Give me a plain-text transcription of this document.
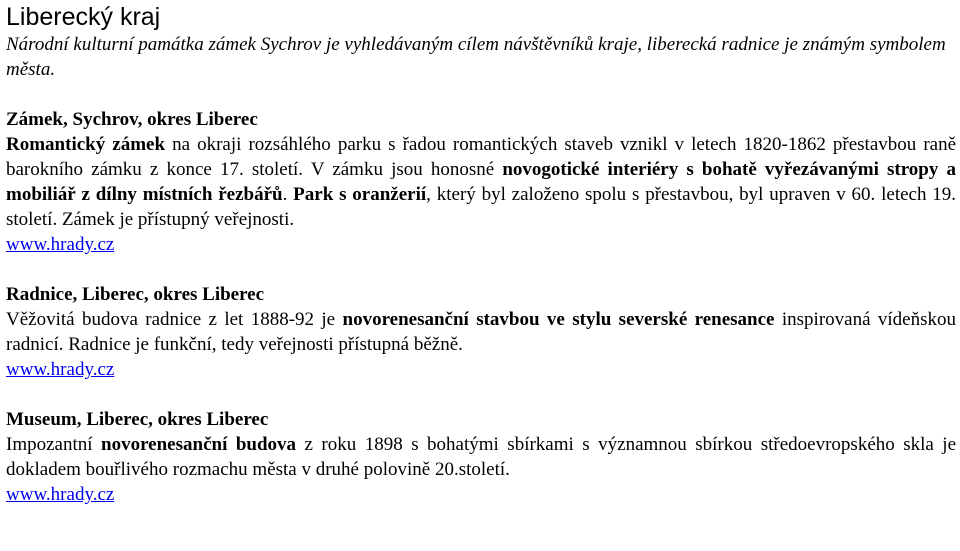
Liberecký kraj

Národní kulturní památka zámek Sychrov je vyhledávaným cílem návštěvníků kraje, liberecká radnice je známým symbolem města.

Zámek, Sychrov, okres Liberec

Romantický zámek na okraji rozsáhlého parku s řadou romantických staveb vznikl v letech 1820-1862 přestavbou raně barokního zámku z konce 17. století. V zámku jsou honosné novogotické interiéry s bohatě vyřezávanými stropy a mobiliář z dílny místních řezbářů. Park s oranžerií, který byl založeno spolu s přestavbou, byl upraven v 60. letech 19. století. Zámek je přístupný veřejnosti.

www.hrady.cz

Radnice, Liberec, okres Liberec

Věžovitá budova radnice z let 1888-92 je novorenesanční stavbou ve stylu severské renesance inspirovaná vídeňskou radnicí. Radnice je funkční, tedy veřejnosti přístupná běžně.

www.hrady.cz

Museum, Liberec, okres Liberec

Impozantní novorenesanční budova z roku 1898 s bohatými sbírkami s významnou sbírkou středoevropského skla je dokladem bouřlivého rozmachu města v druhé polovině 20.století.

www.hrady.cz
